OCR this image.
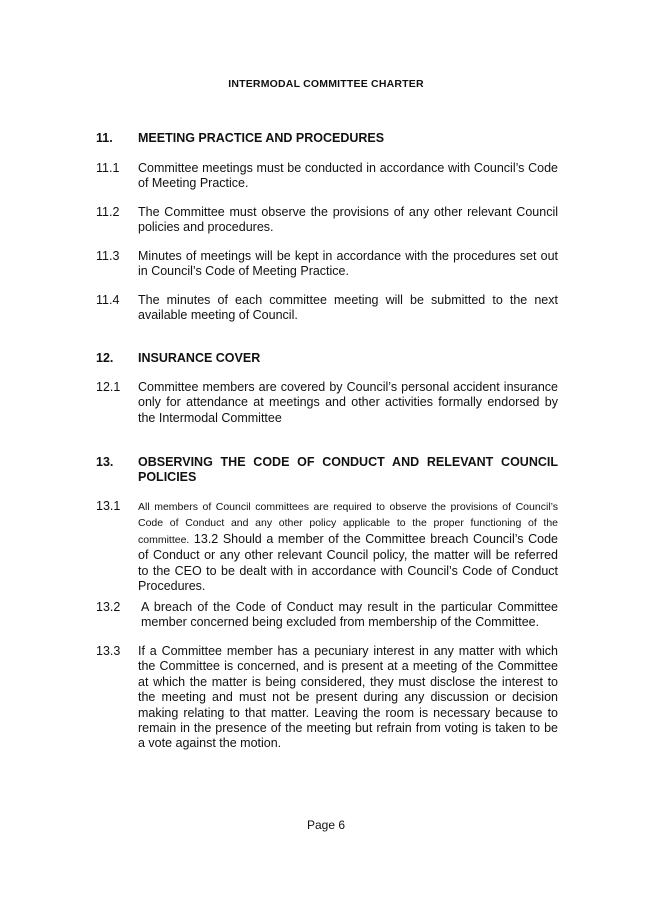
INTERMODAL COMMITTEE CHARTER
11. MEETING PRACTICE AND PROCEDURES
11.1 Committee meetings must be conducted in accordance with Council’s Code of Meeting Practice.
11.2 The Committee must observe the provisions of any other relevant Council policies and procedures.
11.3 Minutes of meetings will be kept in accordance with the procedures set out in Council’s Code of Meeting Practice.
11.4 The minutes of each committee meeting will be submitted to the next available meeting of Council.
12. INSURANCE COVER
12.1 Committee members are covered by Council’s personal accident insurance only for attendance at meetings and other activities formally endorsed by the Intermodal Committee
13. OBSERVING THE CODE OF CONDUCT AND RELEVANT COUNCIL POLICIES
13.1 All members of Council committees are required to observe the provisions of Council’s Code of Conduct and any other policy applicable to the proper functioning of the committee. 13.2 Should a member of the Committee breach Council’s Code of Conduct or any other relevant Council policy, the matter will be referred to the CEO to be dealt with in accordance with Council’s Code of Conduct Procedures.
13.2 A breach of the Code of Conduct may result in the particular Committee member concerned being excluded from membership of the Committee.
13.3 If a Committee member has a pecuniary interest in any matter with which the Committee is concerned, and is present at a meeting of the Committee at which the matter is being considered, they must disclose the interest to the meeting and must not be present during any discussion or decision making relating to that matter. Leaving the room is necessary because to remain in the presence of the meeting but refrain from voting is taken to be a vote against the motion.
Page 6
